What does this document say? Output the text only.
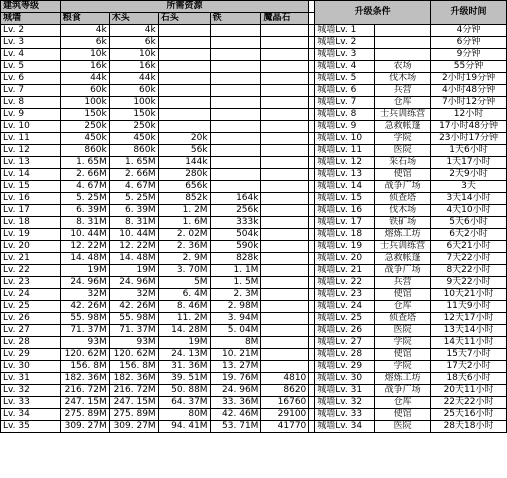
建筑等级	所需资源						升级条件		升级时间
城墙	粮食	木头	石头	铁	魔晶石				
Lv. 2	4k	4k					城墙Lv. 1		4分钟
Lv. 3	6k	6k					城墙Lv. 2		6分钟
Lv. 4	10k	10k					城墙Lv. 3		9分钟
Lv. 5	16k	16k					城墙Lv. 4	农场	55分钟
Lv. 6	44k	44k					城墙Lv. 5	伐木场	2小时19分钟
Lv. 7	60k	60k					城墙Lv. 6	兵营	4小时48分钟
Lv. 8	100k	100k					城墙Lv. 7	仓库	7小时12分钟
Lv. 9	150k	150k					城墙Lv. 8	士兵训练营	12小时
Lv. 10	250k	250k					城墙Lv. 9	急救帐篷	17小时48分钟
Lv. 11	450k	450k	20k				城墙Lv. 10	学院	23小时17分钟
Lv. 12	860k	860k	56k				城墙Lv. 11	医院	1天6小时
Lv. 13	1. 65M	1. 65M	144k				城墙Lv. 12	采石场	1天17小时
Lv. 14	2. 66M	2. 66M	280k				城墙Lv. 13	使馆	2天9小时
Lv. 15	4. 67M	4. 67M	656k				城墙Lv. 14	战争广场	3天
Lv. 16	5. 25M	5. 25M	852k	164k			城墙Lv. 15	侦查塔	3天14小时
Lv. 17	6. 39M	6. 39M	1. 2M	256k			城墙Lv. 16	伐木场	4天10小时
Lv. 18	8. 31M	8. 31M	1. 6M	333k			城墙Lv. 17	铁矿场	5天6小时
Lv. 19	10. 44M	10. 44M	2. 02M	504k			城墙Lv. 18	熔炼工坊	6天2小时
Lv. 20	12. 22M	12. 22M	2. 36M	590k			城墙Lv. 19	士兵训练营	6天21小时
Lv. 21	14. 48M	14. 48M	2. 9M	828k			城墙Lv. 20	急救帐篷	7天22小时
Lv. 22	19M	19M	3. 70M	1. 1M			城墙Lv. 21	战争广场	8天22小时
Lv. 23	24. 96M	24. 96M	5M	1. 5M			城墙Lv. 22	兵营	9天22小时
Lv. 24	32M	32M	6. 4M	2. 3M			城墙Lv. 23	使馆	10天21小时
Lv. 25	42. 26M	42. 26M	8. 46M	2. 98M			城墙Lv. 24	仓库	11天9小时
Lv. 26	55. 98M	55. 98M	11. 2M	3. 94M			城墙Lv. 25	侦查塔	12天17小时
Lv. 27	71. 37M	71. 37M	14. 28M	5. 04M			城墙Lv. 26	医院	13天14小时
Lv. 28	93M	93M	19M	8M			城墙Lv. 27	学院	14天11小时
Lv. 29	120. 62M	120. 62M	24. 13M	10. 21M			城墙Lv. 28	使馆	15天7小时
Lv. 30	156. 8M	156. 8M	31. 36M	13. 27M			城墙Lv. 29	学院	17天2小时
Lv. 31	182. 36M	182. 36M	39. 51M	19. 76M	4810		城墙Lv. 30	熔炼工坊	18天6小时
Lv. 32	216. 72M	216. 72M	50. 88M	24. 96M	8620		城墙Lv. 31	战争广场	20天11小时
Lv. 33	247. 15M	247. 15M	64. 37M	33. 36M	16760		城墙Lv. 32	仓库	22天22小时
Lv. 34	275. 89M	275. 89M	80M	42. 46M	29100		城墙Lv. 33	使馆	25天16小时
Lv. 35	309. 27M	309. 27M	94. 41M	53. 71M	41770		城墙Lv. 34	医院	28天18小时
